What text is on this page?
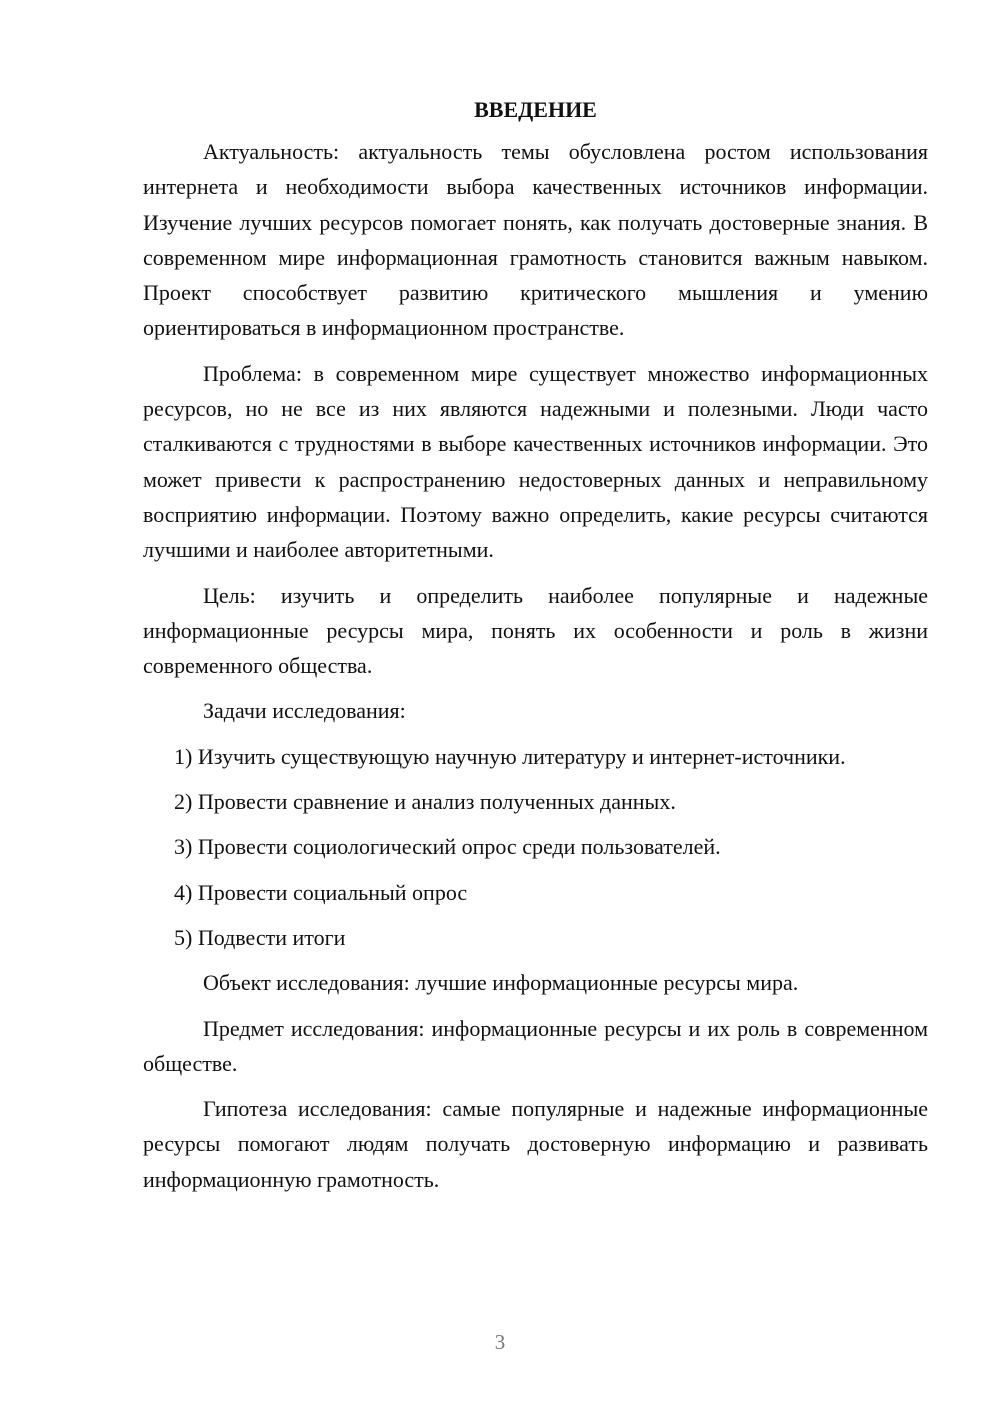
ВВЕДЕНИЕ

Актуальность: актуальность темы обусловлена ростом использования интернета и необходимости выбора качественных источников информации. Изучение лучших ресурсов помогает понять, как получать достоверные знания. В современном мире информационная грамотность становится важным навыком. Проект способствует развитию критического мышления и умению ориентироваться в информационном пространстве.

Проблема: в современном мире существует множество информационных ресурсов, но не все из них являются надежными и полезными. Люди часто сталкиваются с трудностями в выборе качественных источников информации. Это может привести к распространению недостоверных данных и неправильному восприятию информации. Поэтому важно определить, какие ресурсы считаются лучшими и наиболее авторитетными.

Цель: изучить и определить наиболее популярные и надежные информационные ресурсы мира, понять их особенности и роль в жизни современного общества.

Задачи исследования:

1) Изучить существующую научную литературу и интернет-источники.

2) Провести сравнение и анализ полученных данных.

3) Провести социологический опрос среди пользователей.

4) Провести социальный опрос

5) Подвести итоги

Объект исследования: лучшие информационные ресурсы мира.

Предмет исследования: информационные ресурсы и их роль в современном обществе.

Гипотеза исследования: самые популярные и надежные информационные ресурсы помогают людям получать достоверную информацию и развивать информационную грамотность.

3
